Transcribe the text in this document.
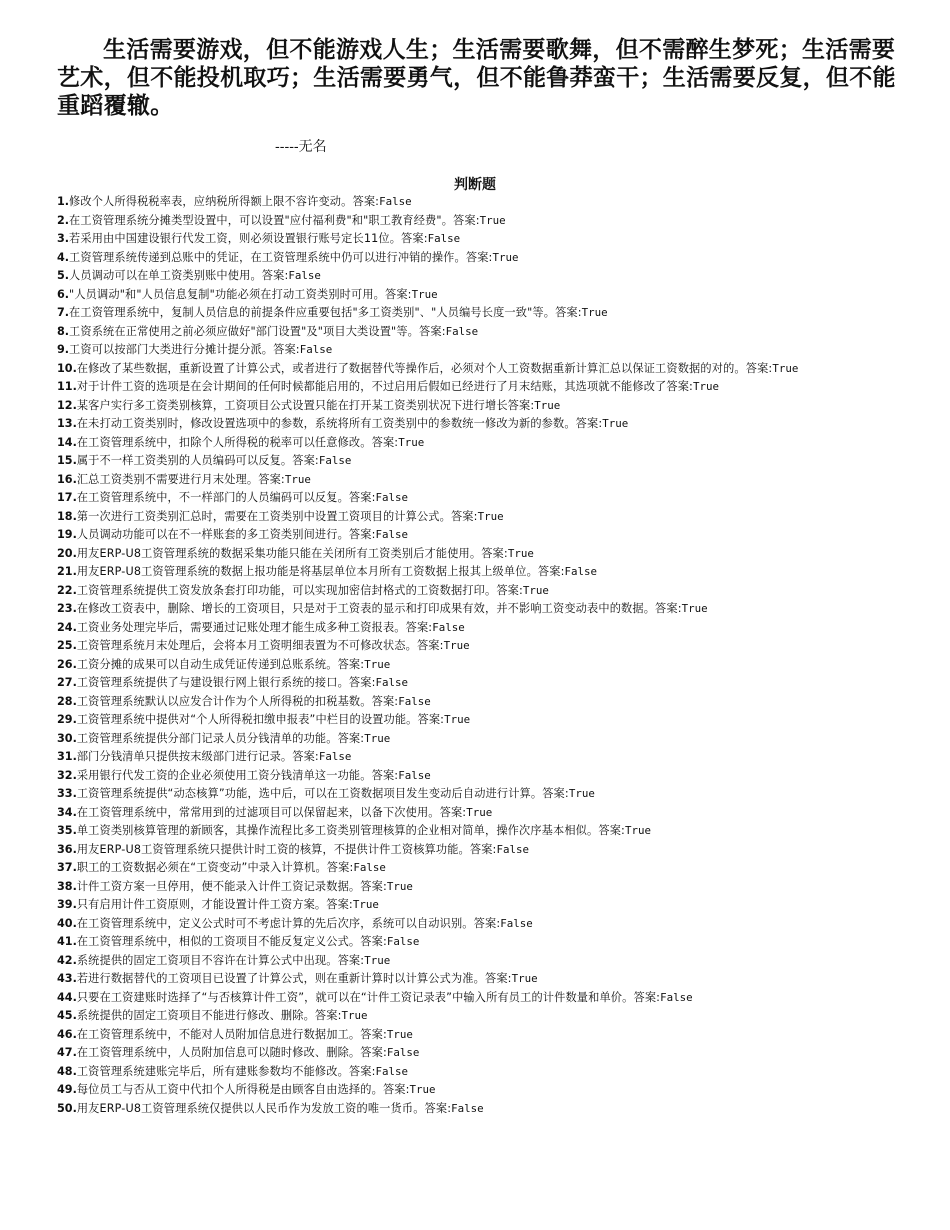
生活需要游戏，但不能游戏人生；生活需要歌舞，但不需醉生梦死；生活需要艺术，但不能投机取巧；生活需要勇气，但不能鲁莽蛮干；生活需要反复，但不能重蹈覆辙。

-----无名

判断题
1.修改个人所得税税率表，应纳税所得额上限不容许变动。答案:False
2.在工资管理系统分摊类型设置中，可以设置"应付福利费"和"职工教育经费"。答案:True
3.若采用由中国建设银行代发工资，则必须设置银行账号定长11位。答案:False
4.工资管理系统传递到总账中的凭证，在工资管理系统中仍可以进行冲销的操作。答案:True
5.人员调动可以在单工资类别账中使用。答案:False
6."人员调动"和"人员信息复制"功能必须在打动工资类别时可用。答案:True
7.在工资管理系统中，复制人员信息的前提条件应重要包括"多工资类别"、"人员编号长度一致"等。答案:True
8.工资系统在正常使用之前必须应做好"部门设置"及"项目大类设置"等。答案:False
9.工资可以按部门大类进行分摊计提分派。答案:False
10.在修改了某些数据，重新设置了计算公式，或者进行了数据替代等操作后，必须对个人工资数据重新计算汇总以保证工资数据的对的。答案:True
11.对于计件工资的选项是在会计期间的任何时候都能启用的，不过启用后假如已经进行了月末结账，其选项就不能修改了答案:True
12.某客户实行多工资类别核算，工资项目公式设置只能在打开某工资类别状况下进行增长答案:True
13.在未打动工资类别时，修改设置选项中的参数，系统将所有工资类别中的参数统一修改为新的参数。答案:True
14.在工资管理系统中，扣除个人所得税的税率可以任意修改。答案:True
15.属于不一样工资类别的人员编码可以反复。答案:False
16.汇总工资类别不需要进行月末处理。答案:True
17.在工资管理系统中，不一样部门的人员编码可以反复。答案:False
18.第一次进行工资类别汇总时，需要在工资类别中设置工资项目的计算公式。答案:True
19.人员调动功能可以在不一样账套的多工资类别间进行。答案:False
20.用友ERP-U8工资管理系统的数据采集功能只能在关闭所有工资类别后才能使用。答案:True
21.用友ERP-U8工资管理系统的数据上报功能是将基层单位本月所有工资数据上报其上级单位。答案:False
22.工资管理系统提供工资发放条套打印功能，可以实现加密信封格式的工资数据打印。答案:True
23.在修改工资表中，删除、增长的工资项目，只是对于工资表的显示和打印成果有效，并不影响工资变动表中的数据。答案:True
24.工资业务处理完毕后，需要通过记账处理才能生成多种工资报表。答案:False
25.工资管理系统月末处理后，会将本月工资明细表置为不可修改状态。答案:True
26.工资分摊的成果可以自动生成凭证传递到总账系统。答案:True
27.工资管理系统提供了与建设银行网上银行系统的接口。答案:False
28.工资管理系统默认以应发合计作为个人所得税的扣税基数。答案:False
29.工资管理系统中提供对“个人所得税扣缴申报表”中栏目的设置功能。答案:True
30.工资管理系统提供分部门记录人员分钱清单的功能。答案:True
31.部门分钱清单只提供按末级部门进行记录。答案:False
32.采用银行代发工资的企业必须使用工资分钱清单这一功能。答案:False
33.工资管理系统提供“动态核算”功能，选中后，可以在工资数据项目发生变动后自动进行计算。答案:True
34.在工资管理系统中，常常用到的过滤项目可以保留起来，以备下次使用。答案:True
35.单工资类别核算管理的新顾客，其操作流程比多工资类别管理核算的企业相对简单，操作次序基本相似。答案:True
36.用友ERP-U8工资管理系统只提供计时工资的核算，不提供计件工资核算功能。答案:False
37.职工的工资数据必须在“工资变动”中录入计算机。答案:False
38.计件工资方案一旦停用，便不能录入计件工资记录数据。答案:True
39.只有启用计件工资原则，才能设置计件工资方案。答案:True
40.在工资管理系统中，定义公式时可不考虑计算的先后次序，系统可以自动识别。答案:False
41.在工资管理系统中，相似的工资项目不能反复定义公式。答案:False
42.系统提供的固定工资项目不容许在计算公式中出现。答案:True
43.若进行数据替代的工资项目已设置了计算公式，则在重新计算时以计算公式为准。答案:True
44.只要在工资建账时选择了“与否核算计件工资”，就可以在“计件工资记录表”中输入所有员工的计件数量和单价。答案:False
45.系统提供的固定工资项目不能进行修改、删除。答案:True
46.在工资管理系统中，不能对人员附加信息进行数据加工。答案:True
47.在工资管理系统中，人员附加信息可以随时修改、删除。答案:False
48.工资管理系统建账完毕后，所有建账参数均不能修改。答案:False
49.每位员工与否从工资中代扣个人所得税是由顾客自由选择的。答案:True
50.用友ERP-U8工资管理系统仅提供以人民币作为发放工资的唯一货币。答案:False
